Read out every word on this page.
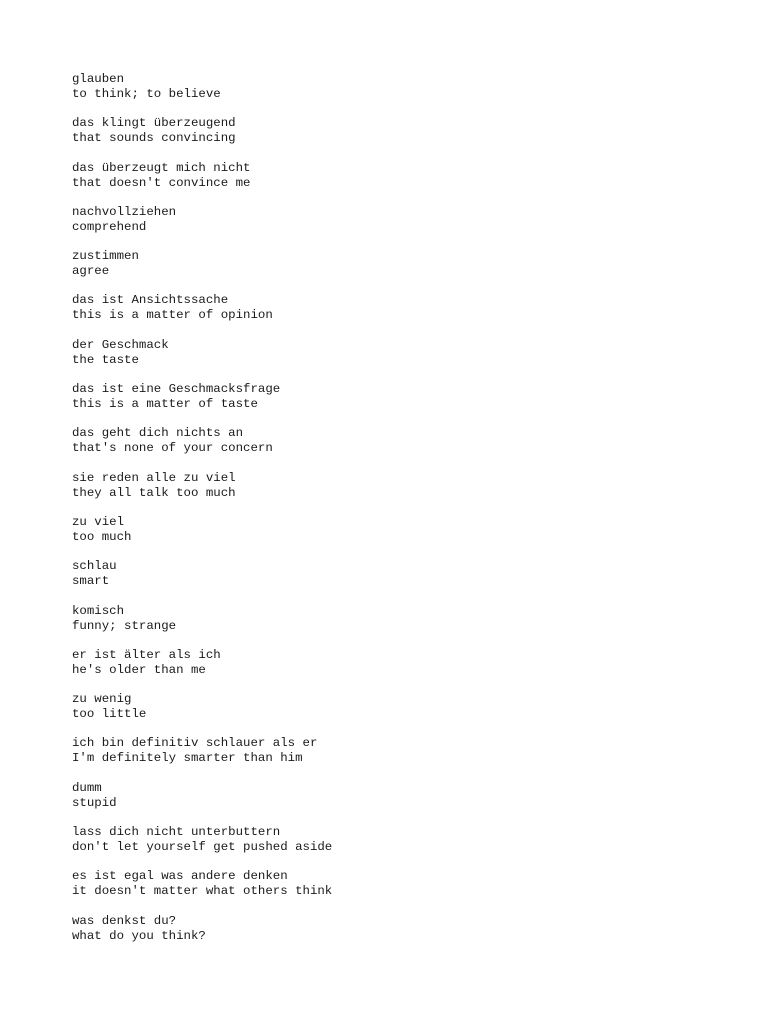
glauben
to think; to believe
das klingt überzeugend
that sounds convincing
das überzeugt mich nicht
that doesn't convince me
nachvollziehen
comprehend
zustimmen
agree
das ist Ansichtssache
this is a matter of opinion
der Geschmack
the taste
das ist eine Geschmacksfrage
this is a matter of taste
das geht dich nichts an
that's none of your concern
sie reden alle zu viel
they all talk too much
zu viel
too much
schlau
smart
komisch
funny; strange
er ist älter als ich
he's older than me
zu wenig
too little
ich bin definitiv schlauer als er
I'm definitely smarter than him
dumm
stupid
lass dich nicht unterbuttern
don't let yourself get pushed aside
es ist egal was andere denken
it doesn't matter what others think
was denkst du?
what do you think?
